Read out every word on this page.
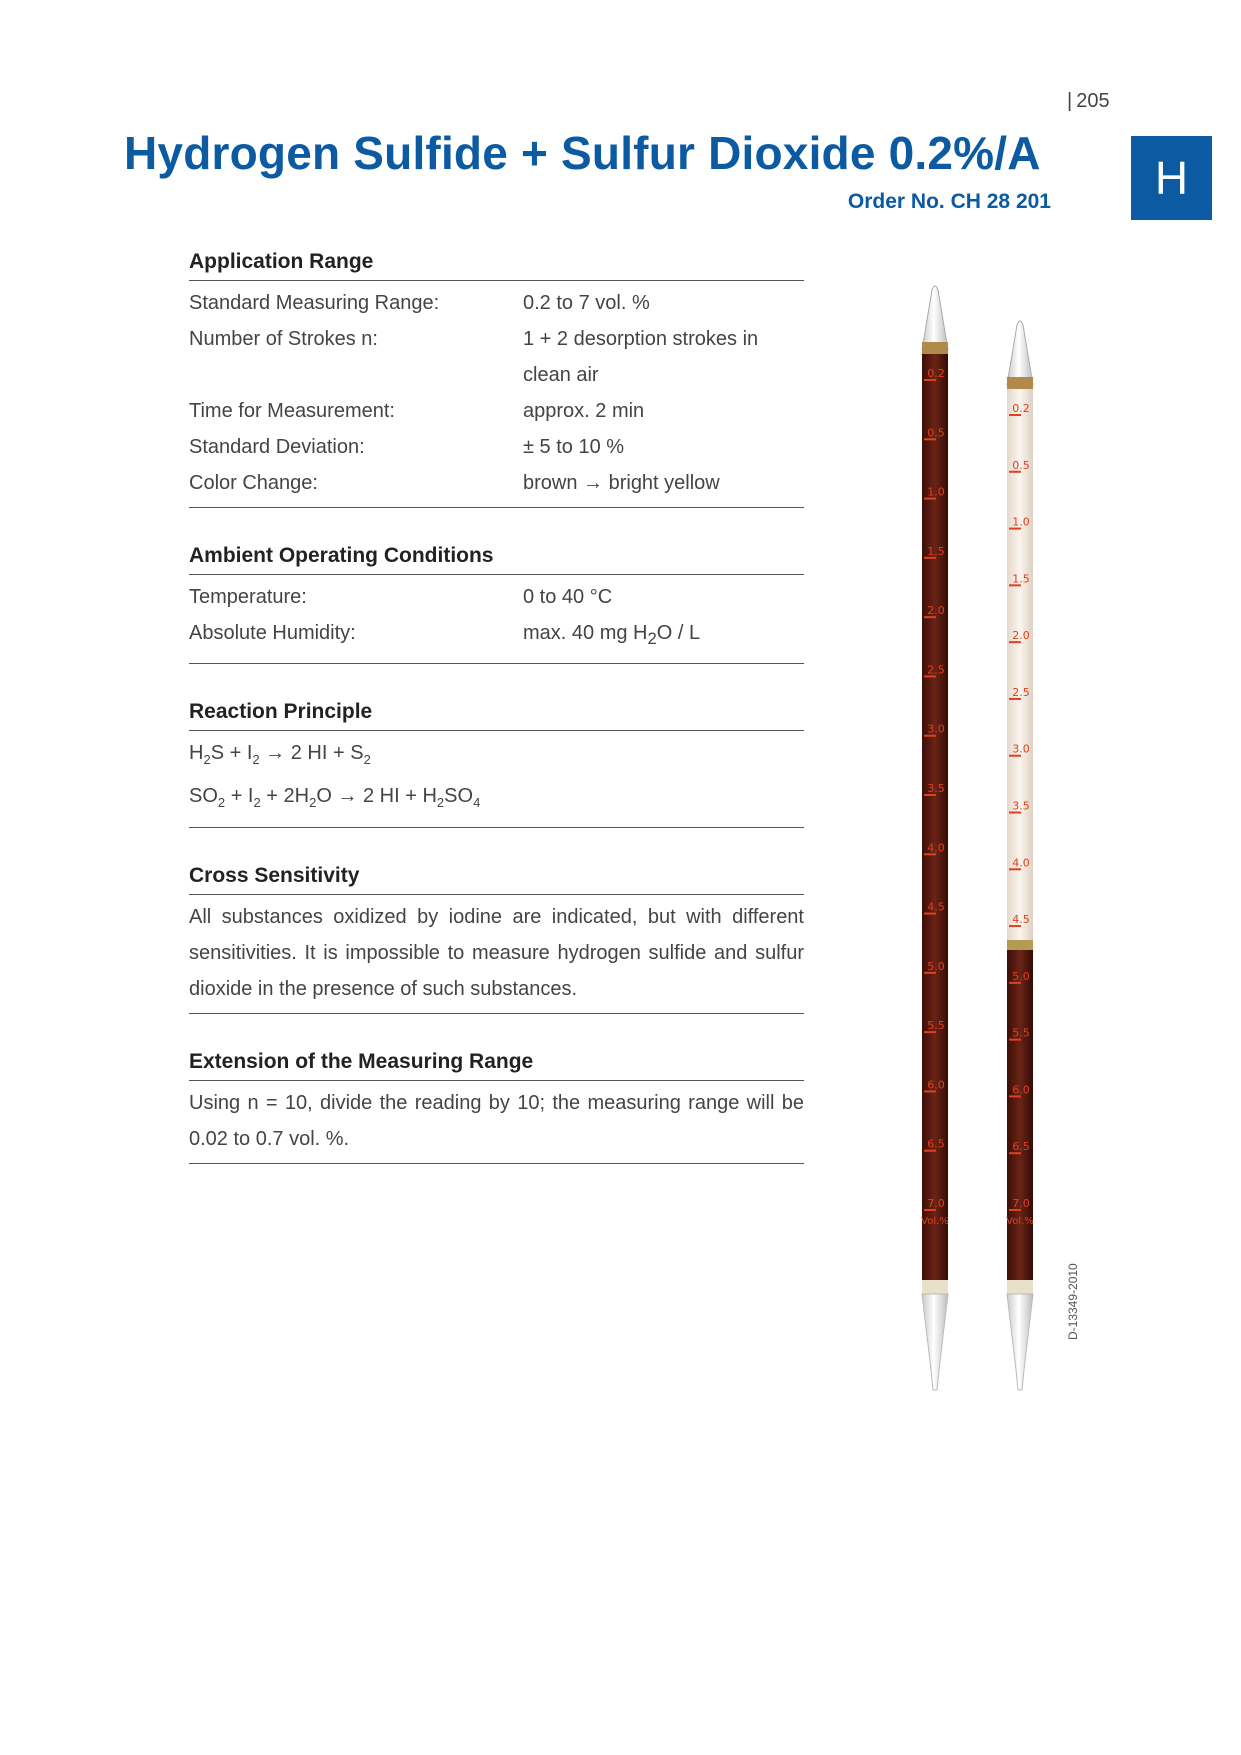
| 205
Hydrogen Sulfide + Sulfur Dioxide 0.2%/A
Order No. CH 28 201	H
Application Range
Standard Measuring Range:	0.2 to 7 vol. %
Number of Strokes n:	1 + 2 desorption strokes in clean air
Time for Measurement:	approx. 2 min
Standard Deviation:	± 5 to 10 %
Color Change:	brown → bright yellow
Ambient Operating Conditions
Temperature:	0 to 40 °C
Absolute Humidity:	max. 40 mg $H_2O$ / L
Reaction Principle
$H_2S + I_2 \to 2$ HI + $S_2$
$SO_2 + I_2 + 2H_2O \to 2$ HI + $H_2SO_4$
Cross Sensitivity
All substances oxidized by iodine are indicated, but with different sensitivities. It is impossible to measure hydrogen sulfide and sulfur dioxide in the presence of such substances.
Extension of the Measuring Range
Using n = 10, divide the reading by 10; the measuring range will be 0.02 to 0.7 vol. %.
0.2
0.5
1.0
1.5
2.0
2.5
3.0
3.5
4.0
4.5
5.0
5.5
6.0
6.5
7.0
Vol.%
0.2
0.5
1.0
1.5
2.0
2.5
3.0
3.5
4.0
4.5
5.0
5.5
6.0
6.5
7.0
Vol.%
D-13349-2010
